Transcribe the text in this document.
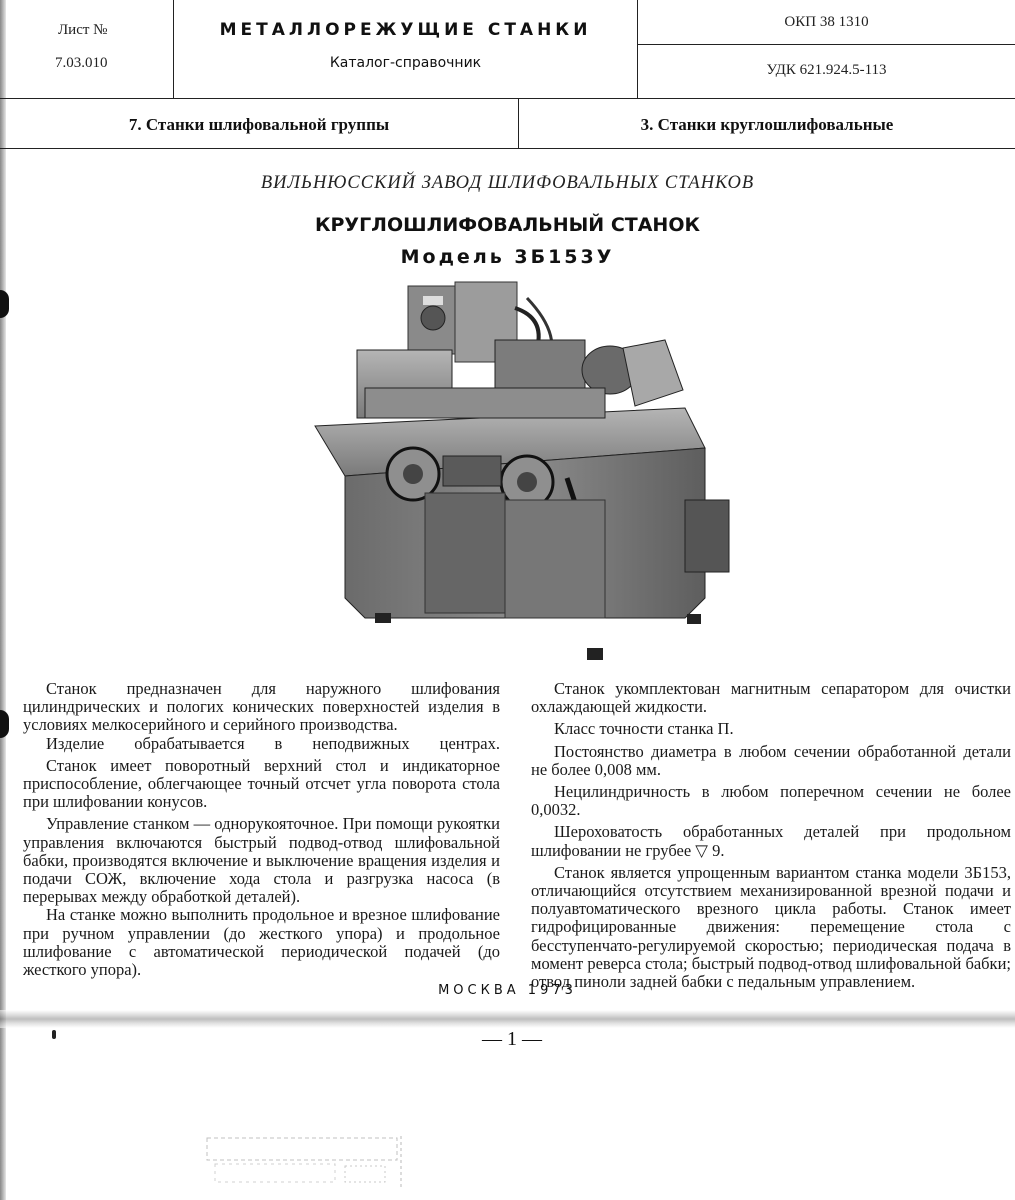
Лист №
7.03.010
МЕТАЛЛОРЕЖУЩИЕ СТАНКИ
Каталог-справочник
ОКП 38 1310
УДК 621.924.5-113
7. Станки шлифовальной группы	3. Станки круглошлифовальные
ВИЛЬНЮССКИЙ ЗАВОД ШЛИФОВАЛЬНЫХ СТАНКОВ
КРУГЛОШЛИФОВАЛЬНЫЙ СТАНОК
Модель 3Б153У

Станок предназначен для наружного шлифования цилиндрических и пологих конических поверхностей изделия в условиях мелкосерийного и серийного производства.

Изделие обрабатывается в неподвижных центрах.

Станок имеет поворотный верхний стол и индикаторное приспособление, облегчающее точный отсчет угла поворота стола при шлифовании конусов.

Управление станком — однорукояточное. При помощи рукоятки управления включаются быстрый подвод-отвод шлифовальной бабки, производятся включение и выключение вращения изделия и подачи СОЖ, включение хода стола и разгрузка насоса (в перерывах между обработкой деталей).

На станке можно выполнить продольное и врезное шлифование при ручном управлении (до жесткого упора) и продольное шлифование с автоматической периодической подачей (до жесткого упора).

Станок укомплектован магнитным сепаратором для очистки охлаждающей жидкости.

Класс точности станка П.

Постоянство диаметра в любом сечении обработанной детали не более 0,008 мм.

Нецилиндричность в любом поперечном сечении не более 0,0032.

Шероховатость обработанных деталей при продольном шлифовании не грубее ▽ 9.

Станок является упрощенным вариантом станка модели 3Б153, отличающийся отсутствием механизированной врезной подачи и полуавтоматического врезного цикла работы. Станок имеет гидрофицированные движения: перемещение стола с бесступенчато-регулируемой скоростью; периодическая подача в момент реверса стола; быстрый подвод-отвод шлифовальной бабки; отвод пиноли задней бабки с педальным управлением.

МОСКВА 1973
— 1 —
